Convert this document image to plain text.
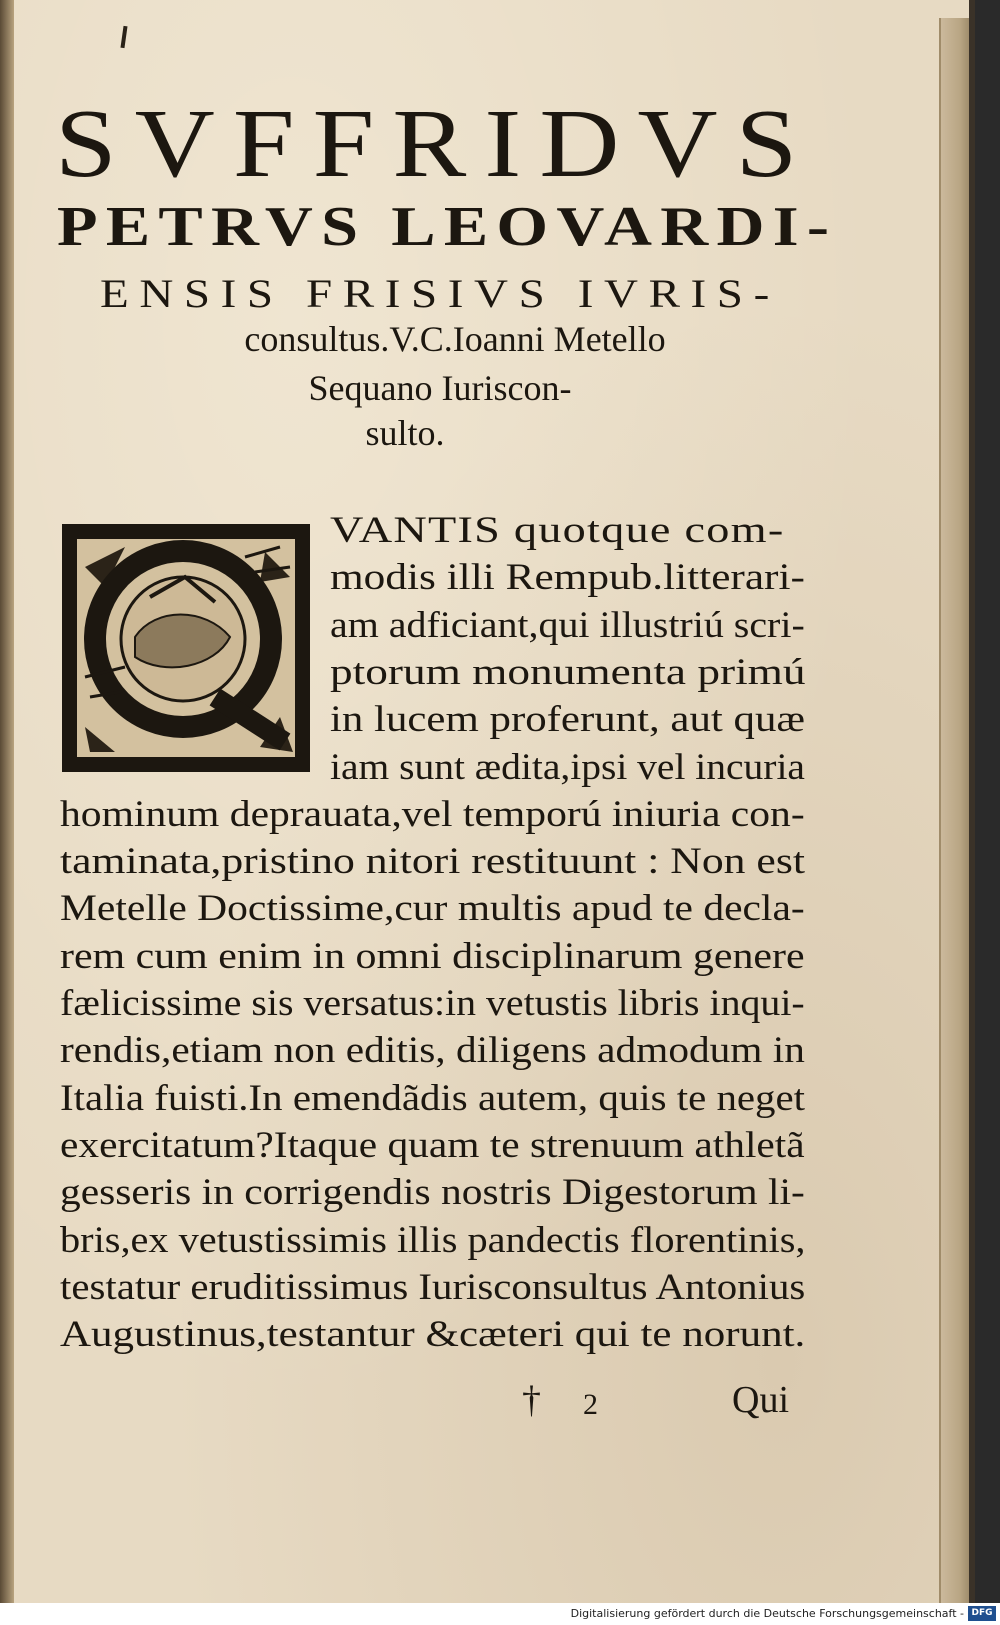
SVFFRIDVS
PETRVS LEOVARDI-
ENSIS FRISIVS IVRIS-
consultus.V.C.Ioanni Metello
Sequano Iuriscon-
sulto.
VANTIS quotque com-
modis illi Rempub.litterari-
am adficiant,qui illustriú scri-
ptorum monumenta primú
in lucem proferunt, aut quæ
iam sunt ædita,ipsi vel incuria
hominum deprauata,vel temporú iniuria con-
taminata,pristino nitori restituunt : Non est
Metelle Doctissime,cur multis apud te decla-
rem cum enim in omni disciplinarum genere
fælicissime sis versatus:in vetustis libris inqui-
rendis,etiam non editis, diligens admodum in
Italia fuisti.In emendãdis autem, quis te neget
exercitatum?Itaque quam te strenuum athletã
gesseris in corrigendis nostris Digestorum li-
bris,ex vetustissimis illis pandectis florentinis,
testatur eruditissimus Iurisconsultus Antonius
Augustinus,testantur &cæteri qui te norunt.
† 2	Qui
Digitalisierung gefördert durch die Deutsche Forschungsgemeinschaft - DFG
